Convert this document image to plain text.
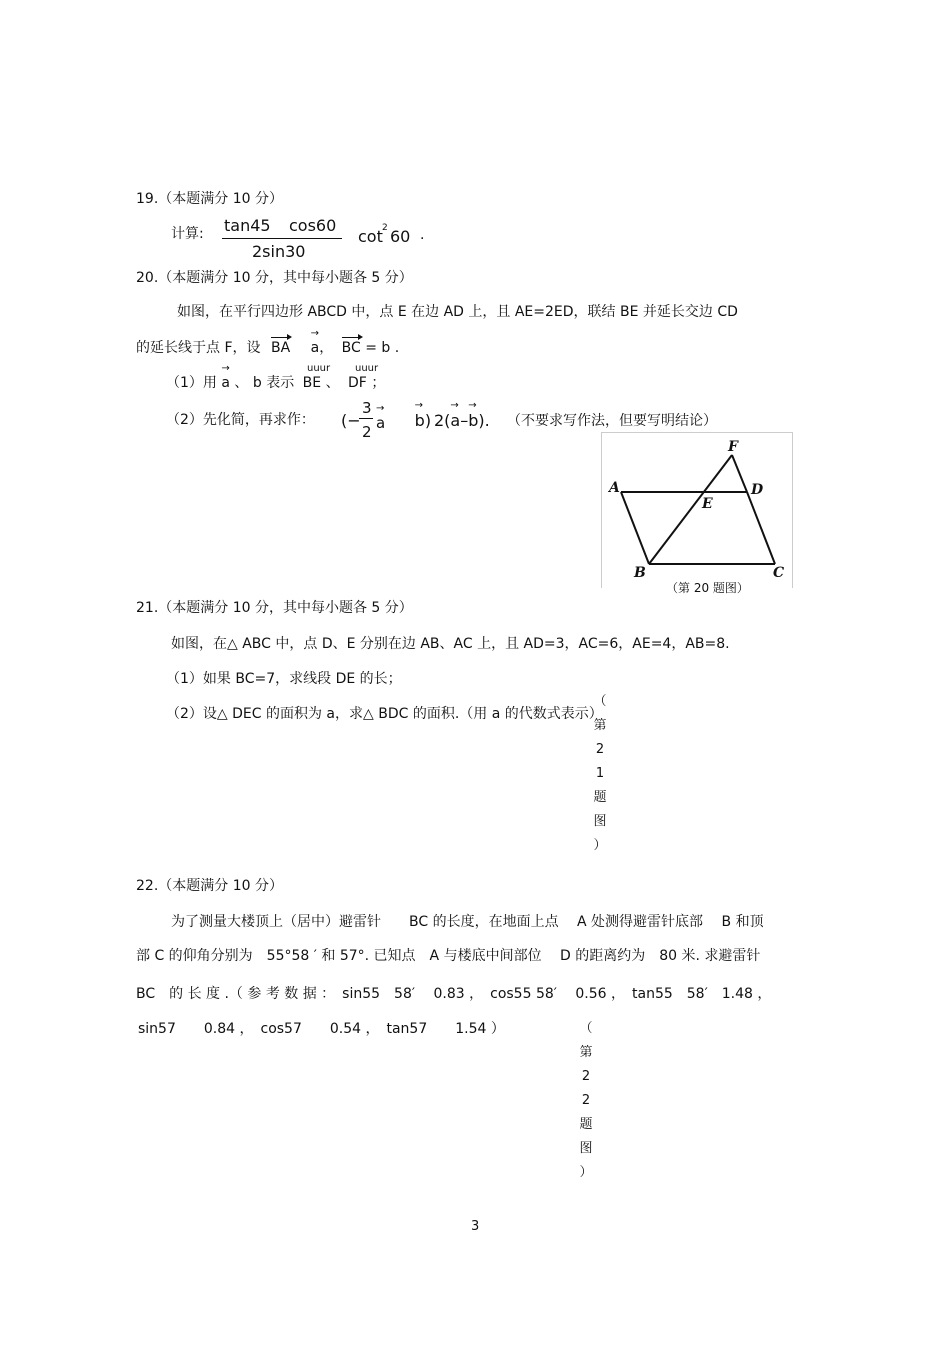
19.（本题满分 10 分）
计算: tan45 cos60
2sin30
cot 2 60 .
20.（本题满分 10 分，其中每小题各 5 分）
如图，在平行四边形 ABCD 中，点 E 在边 AD 上，且 AE=2ED，联结 BE 并延长交边 CD
的延长线于点 F，设 BA a →， BC = b .
uuur uuur
（1）用 a → 、 b 表示 BE 、 DF ；
（2）先化简，再求作： (−
3
2 a → b) → 2(a →–b →). （不要求写作法，但要写明结论）
A
B	C
D
E
F
（第 20 题图）
21.（本题满分 10 分，其中每小题各 5 分）
如图，在△ ABC 中，点 D、E 分别在边 AB、AC 上，且 AD=3，AC=6，AE=4，AB=8.
（1）如果 BC=7，求线段 DE 的长；
（2）设△ DEC 的面积为 a，求△ BDC 的面积.（用 a 的代数式表示）
（
第
2
1
题
图
）
22.（本题满分 10 分）
为了测量大楼顶上（居中）避雷针　　BC 的长度，在地面上点　 A 处测得避雷针底部　 B 和顶
部 C 的仰角分别为　55°58 ′ 和 57°. 已知点　A 与楼底中间部位　 D 的距离约为　80 米. 求避雷针
BC　的 长 度 .（ 参 考 数 据 ：　sin55　58′　 0.83 ，　cos55 58′　 0.56 ，　tan55　58′　1.48 ，
sin57　　0.84 ，　cos57　　0.54 ，　tan57　　1.54 ）	（
第
2
2
题
图
）
3
